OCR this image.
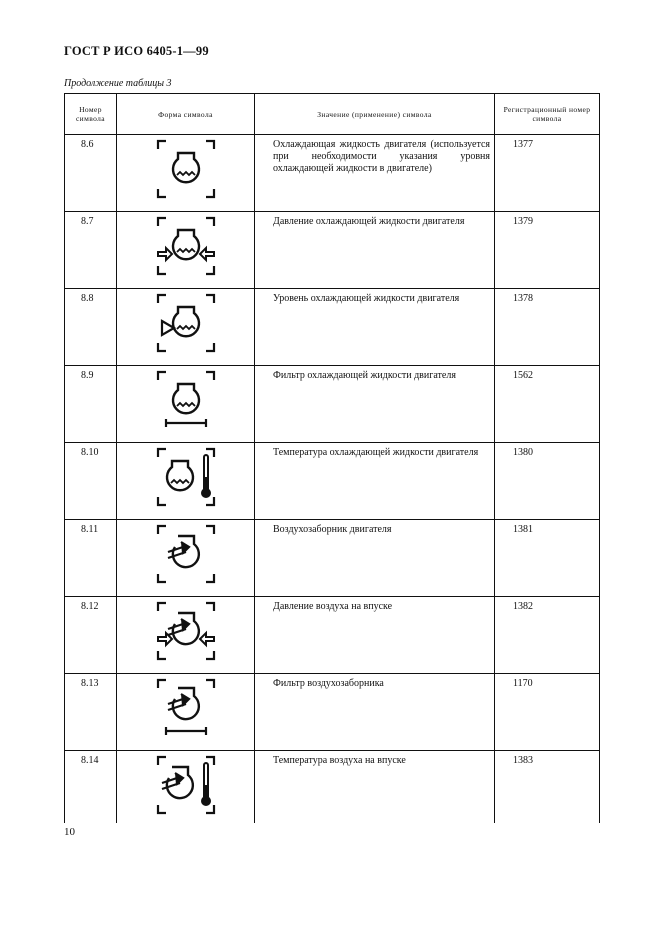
ГОСТ Р ИСО 6405-1—99
Продолжение таблицы 3
Номер символа	Форма символа	Значение (применение) символа	Регистрационный номер символа
8.6		Охлаждающая жидкость двигателя (используется при необходимости указания уровня охлаждающей жидкости в двигателе)	1377
8.7		Давление охлаждающей жидкости двигателя	1379
8.8		Уровень охлаждающей жидкости двигателя	1378
8.9		Фильтр охлаждающей жидкости двигателя	1562
8.10		Температура охлаждающей жидкости двигателя	1380
8.11		Воздухозаборник двигателя	1381
8.12		Давление воздуха на впуске	1382
8.13		Фильтр воздухозаборника	1170
8.14		Температура воздуха на впуске	1383
10
